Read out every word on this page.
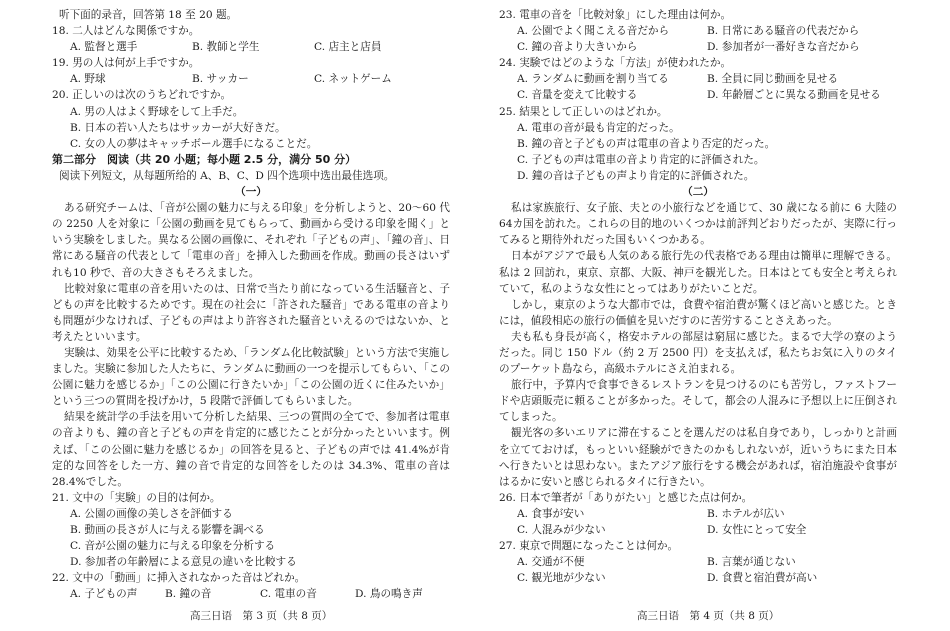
听下面的录音，回答第 18 至 20 题。
18. 二人はどんな関係ですか。
A. 監督と選手	B. 教師と学生	C. 店主と店員
19. 男の人は何が上手ですか。
A. 野球	B. サッカー	C. ネットゲーム
20. 正しいのは次のうちどれですか。
A. 男の人はよく野球をして上手だ。
B. 日本の若い人たちはサッカーが大好きだ。
C. 女の人の夢はキャッチボール選手になることだ。
第二部分　阅读（共 20 小题；每小题 2.5 分，满分 50 分）
阅读下列短文，从每题所给的 A、B、C、D 四个选项中选出最佳选项。
（一）
ある研究チームは、「音が公園の魅力に与える印象」を分析しようと、20～60 代の 2250 人を対象に「公園の動画を見てもらって、動画から受ける印象を聞く」という実験をしました。異なる公園の画像に、それぞれ「子どもの声」、「鐘の音」、日常にある騒音の代表として「電車の音」を挿入した動画を作成。動画の長さはいずれも10 秒で、音の大きさもそろえました。
比較対象に電車の音を用いたのは、日常で当たり前になっている生活騒音と、子どもの声を比較するためです。現在の社会に「許された騒音」である電車の音よりも問題が少なければ、子どもの声はより許容された騒音といえるのではないか、と考えたといいます。
実験は、効果を公平に比較するため、「ランダム化比較試験」という方法で実施しました。実験に参加した人たちに、ランダムに動画の一つを提示してもらい、「この公園に魅力を感じるか」「この公園に行きたいか」「この公園の近くに住みたいか」という三つの質問を投げかけ，5 段階で評価してもらいました。
結果を統計学の手法を用いて分析した結果、三つの質問の全てで、参加者は電車の音よりも、鐘の音と子どもの声を肯定的に感じたことが分かったといいます。例えば、「この公園に魅力を感じるか」の回答を見ると、子どもの声では 41.4%が肯定的な回答をした一方、鐘の音で肯定的な回答をしたのは 34.3%、電車の音は 28.4%でした。
21. 文中の「実験」の目的は何か。
A. 公園の画像の美しさを評価する
B. 動画の長さが人に与える影響を調べる
C. 音が公園の魅力に与える印象を分析する
D. 参加者の年齢層による意見の違いを比較する
22. 文中の「動画」に挿入されなかった音はどれか。
A. 子どもの声	B. 鐘の音	C. 電車の音	D. 鳥の鳴き声
23. 電車の音を「比較対象」にした理由は何か。
A. 公園でよく聞こえる音だから	B. 日常にある騒音の代表だから
C. 鐘の音より大きいから	D. 参加者が一番好きな音だから
24. 実験ではどのような「方法」が使われたか。
A. ランダムに動画を割り当てる	B. 全員に同じ動画を見せる
C. 音量を変えて比較する	D. 年齢層ごとに異なる動画を見せる
25. 結果として正しいのはどれか。
A. 電車の音が最も肯定的だった。
B. 鐘の音と子どもの声は電車の音より否定的だった。
C. 子どもの声は電車の音より肯定的に評価された。
D. 鐘の音は子どもの声より肯定的に評価された。
（二）
私は家族旅行、女子旅、夫との小旅行などを通じて、30 歳になる前に 6 大陸の64カ国を訪れた。これらの目的地のいくつかは前評判どおりだったが、実際に行ってみると期待外れだった国もいくつかある。
日本がアジアで最も人気のある旅行先の代表格である理由は簡単に理解できる。私は 2 回訪れ，東京、京都、大阪、神戸を観光した。日本はとても安全と考えられていて，私のような女性にとってはありがたいことだ。
しかし，東京のような大都市では，食費や宿泊費が驚くほど高いと感じた。ときには，値段相応の旅行の価値を見いだすのに苦労することさえあった。
夫も私も身長が高く，格安ホテルの部屋は窮屈に感じた。まるで大学の寮のようだった。同じ 150 ドル（約 2 万 2500 円）を支払えば，私たちお気に入りのタイのプーケット島なら，高級ホテルにさえ泊まれる。
旅行中，予算内で食事できるレストランを見つけるのにも苦労し，ファストフードや店頭販売に頼ることが多かった。そして，都会の人混みに予想以上に圧倒されてしまった。
観光客の多いエリアに滞在することを選んだのは私自身であり，しっかりと計画を立てておけば，もっといい経験ができたのかもしれないが，近いうちにまた日本へ行きたいとは思わない。またアジア旅行をする機会があれば，宿泊施設や食事がはるかに安いと感じられるタイに行きたい。
26. 日本で筆者が「ありがたい」と感じた点は何か。
A. 食事が安い	B. ホテルが広い
C. 人混みが少ない	D. 女性にとって安全
27. 東京で問題になったことは何か。
A. 交通が不便	B. 言葉が通じない
C. 観光地が少ない	D. 食費と宿泊費が高い
高三日语　第 3 页（共 8 页）	高三日语　第 4 页（共 8 页）
